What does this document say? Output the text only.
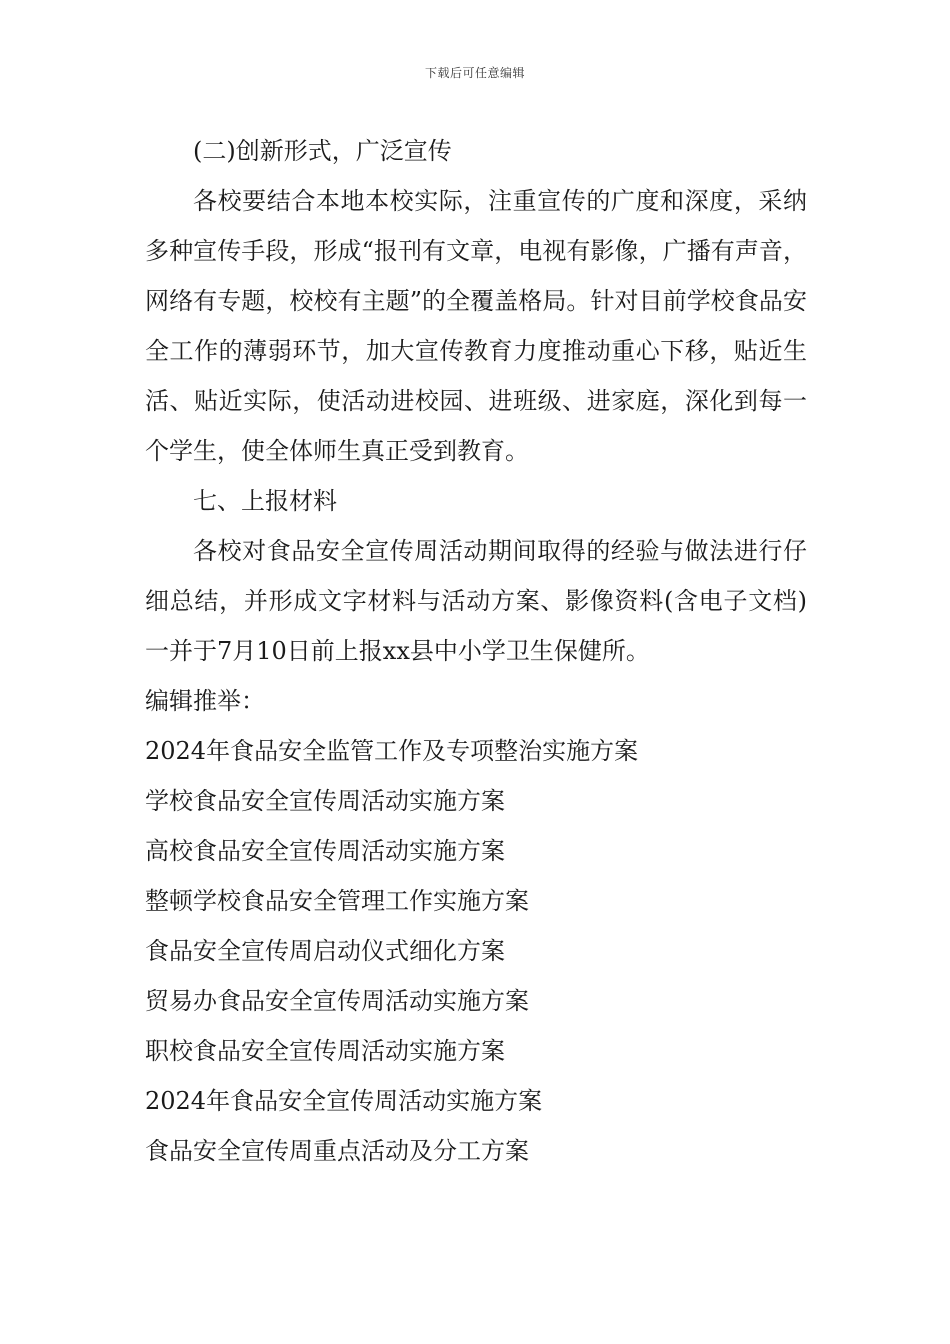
下载后可任意编辑

(二)创新形式，广泛宣传

各校要结合本地本校实际，注重宣传的广度和深度，采纳多种宣传手段，形成“报刊有文章，电视有影像，广播有声音，网络有专题，校校有主题”的全覆盖格局。针对目前学校食品安全工作的薄弱环节，加大宣传教育力度推动重心下移，贴近生活、贴近实际，使活动进校园、进班级、进家庭，深化到每一个学生，使全体师生真正受到教育。

七、上报材料

各校对食品安全宣传周活动期间取得的经验与做法进行仔细总结，并形成文字材料与活动方案、影像资料(含电子文档)一并于7月10日前上报xx县中小学卫生保健所。

编辑推举：

2024年食品安全监管工作及专项整治实施方案

学校食品安全宣传周活动实施方案

高校食品安全宣传周活动实施方案

整顿学校食品安全管理工作实施方案

食品安全宣传周启动仪式细化方案

贸易办食品安全宣传周活动实施方案

职校食品安全宣传周活动实施方案

2024年食品安全宣传周活动实施方案

食品安全宣传周重点活动及分工方案
